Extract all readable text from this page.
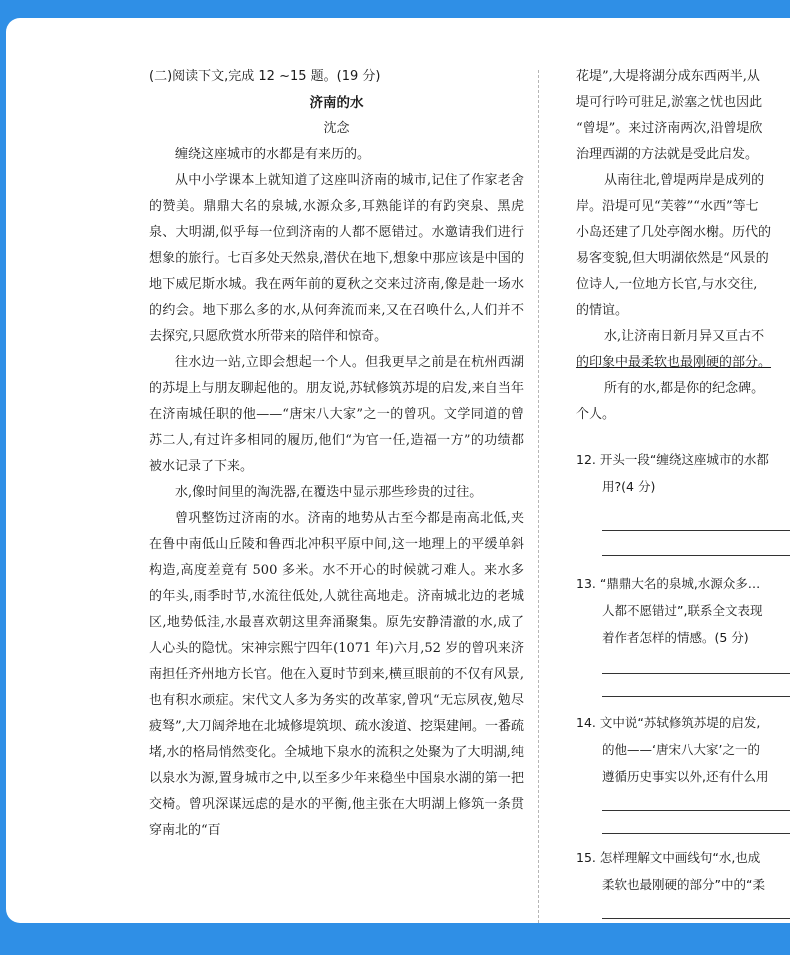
(二)阅读下文,完成 12 ~15 题。(19 分)

济南的水

沈念

缠绕这座城市的水都是有来历的。

从中小学课本上就知道了这座叫济南的城市,记住了作家老舍的赞美。鼎鼎大名的泉城,水源众多,耳熟能详的有趵突泉、黑虎泉、大明湖,似乎每一位到济南的人都不愿错过。水邀请我们进行想象的旅行。七百多处天然泉,潜伏在地下,想象中那应该是中国的地下威尼斯水城。我在两年前的夏秋之交来过济南,像是赴一场水的约会。地下那么多的水,从何奔流而来,又在召唤什么,人们并不去探究,只愿欣赏水所带来的陪伴和惊奇。

往水边一站,立即会想起一个人。但我更早之前是在杭州西湖的苏堤上与朋友聊起他的。朋友说,苏轼修筑苏堤的启发,来自当年在济南城任职的他——“唐宋八大家”之一的曾巩。文学同道的曾苏二人,有过许多相同的履历,他们“为官一任,造福一方”的功绩都被水记录了下来。

水,像时间里的淘洗器,在覆迭中显示那些珍贵的过往。

曾巩整饬过济南的水。济南的地势从古至今都是南高北低,夹在鲁中南低山丘陵和鲁西北冲积平原中间,这一地理上的平缓单斜构造,高度差竟有 500 多米。水不开心的时候就刁难人。来水多的年头,雨季时节,水流往低处,人就往高地走。济南城北边的老城区,地势低洼,水最喜欢朝这里奔涌聚集。原先安静清澈的水,成了人心头的隐忧。宋神宗熙宁四年(1071 年)六月,52 岁的曾巩来济南担任齐州地方长官。他在入夏时节到来,横亘眼前的不仅有风景,也有积水顽症。宋代文人多为务实的改革家,曾巩“无忘夙夜,勉尽疲驽”,大刀阔斧地在北城修堤筑坝、疏水浚道、挖渠建闸。一番疏堵,水的格局悄然变化。全城地下泉水的流积之处聚为了大明湖,纯以泉水为源,置身城市之中,以至多少年来稳坐中国泉水湖的第一把交椅。曾巩深谋远虑的是水的平衡,他主张在大明湖上修筑一条贯穿南北的“百

花堤”,大堤将湖分成东西两半,从
堤可行吟可驻足,淤塞之忧也因此
“曾堤”。来过济南两次,沿曾堤欣
治理西湖的方法就是受此启发。
从南往北,曾堤两岸是成列的
岸。沿堤可见“芙蓉”“水西”等七
小岛还建了几处亭阁水榭。历代的
易客变貌,但大明湖依然是“风景的
位诗人,一位地方长官,与水交往,
的情谊。
水,让济南日新月异又亘古不
的印象中最柔软也最刚硬的部分。
所有的水,都是你的纪念碑。
个人。
12. 开头一段“缠绕这座城市的水都
用?(4 分)
13. “鼎鼎大名的泉城,水源众多…
人都不愿错过”,联系全文表现
着作者怎样的情感。(5 分)
14. 文中说“苏轼修筑苏堤的启发,
的他——‘唐宋八大家’之一的
遵循历史事实以外,还有什么用
15. 怎样理解文中画线句“水,也成
柔软也最刚硬的部分”中的“柔
